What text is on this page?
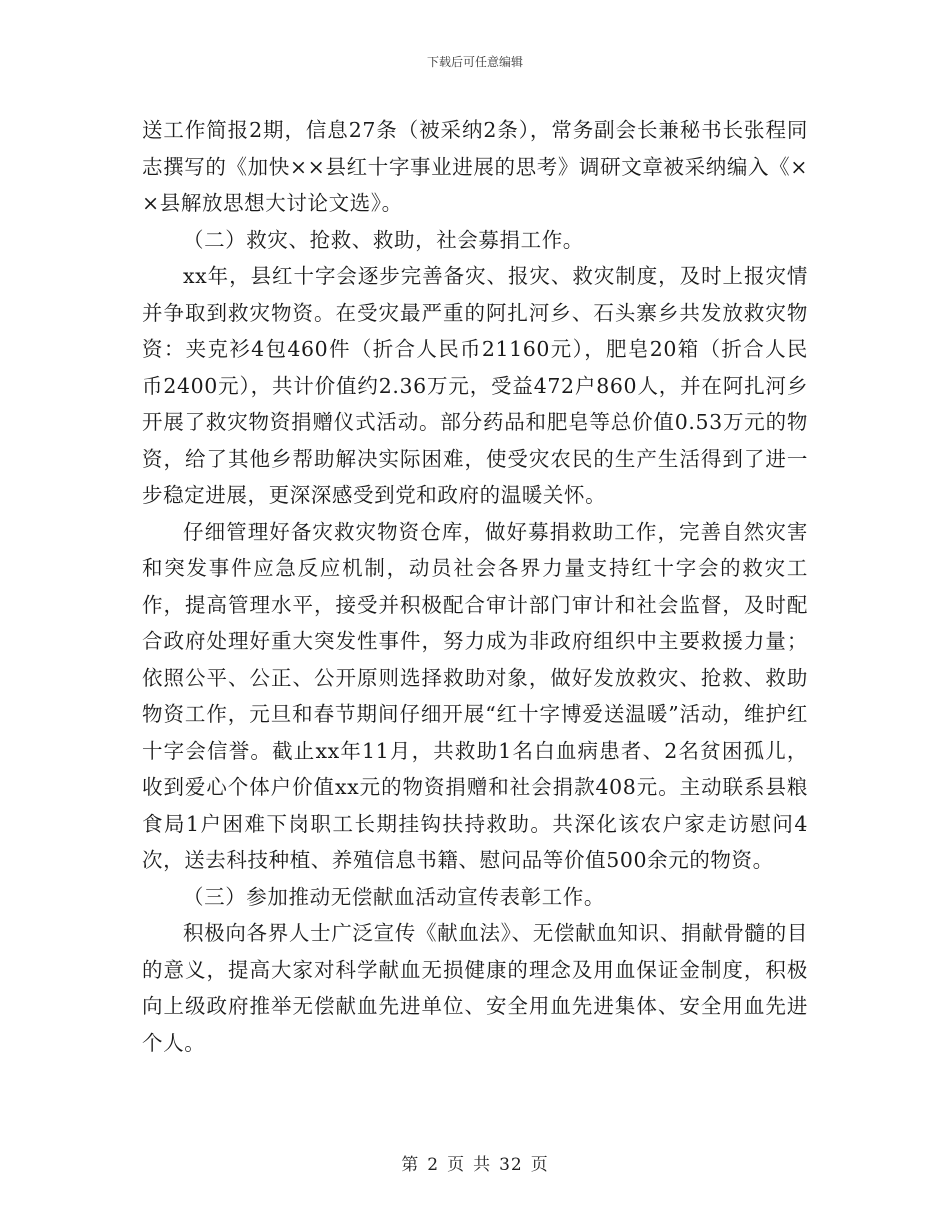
下载后可任意编辑

送工作简报2期，信息27条（被采纳2条），常务副会长兼秘书长张程同志撰写的《加快××县红十字事业进展的思考》调研文章被采纳编入《××县解放思想大讨论文选》。

（二）救灾、抢救、救助，社会募捐工作。

xx年，县红十字会逐步完善备灾、报灾、救灾制度，及时上报灾情并争取到救灾物资。在受灾最严重的阿扎河乡、石头寨乡共发放救灾物资：夹克衫4包460件（折合人民币21160元），肥皂20箱（折合人民币2400元），共计价值约2.36万元，受益472户860人，并在阿扎河乡开展了救灾物资捐赠仪式活动。部分药品和肥皂等总价值0.53万元的物资，给了其他乡帮助解决实际困难，使受灾农民的生产生活得到了进一步稳定进展，更深深感受到党和政府的温暖关怀。

仔细管理好备灾救灾物资仓库，做好募捐救助工作，完善自然灾害和突发事件应急反应机制，动员社会各界力量支持红十字会的救灾工作，提高管理水平，接受并积极配合审计部门审计和社会监督，及时配合政府处理好重大突发性事件，努力成为非政府组织中主要救援力量；依照公平、公正、公开原则选择救助对象，做好发放救灾、抢救、救助物资工作，元旦和春节期间仔细开展“红十字博爱送温暖”活动，维护红十字会信誉。截止xx年11月，共救助1名白血病患者、2名贫困孤儿，收到爱心个体户价值xx元的物资捐赠和社会捐款408元。主动联系县粮食局1户困难下岗职工长期挂钩扶持救助。共深化该农户家走访慰问4次，送去科技种植、养殖信息书籍、慰问品等价值500余元的物资。

（三）参加推动无偿献血活动宣传表彰工作。

积极向各界人士广泛宣传《献血法》、无偿献血知识、捐献骨髓的目的意义，提高大家对科学献血无损健康的理念及用血保证金制度，积极向上级政府推举无偿献血先进单位、安全用血先进集体、安全用血先进个人。

第 2 页 共 32 页
